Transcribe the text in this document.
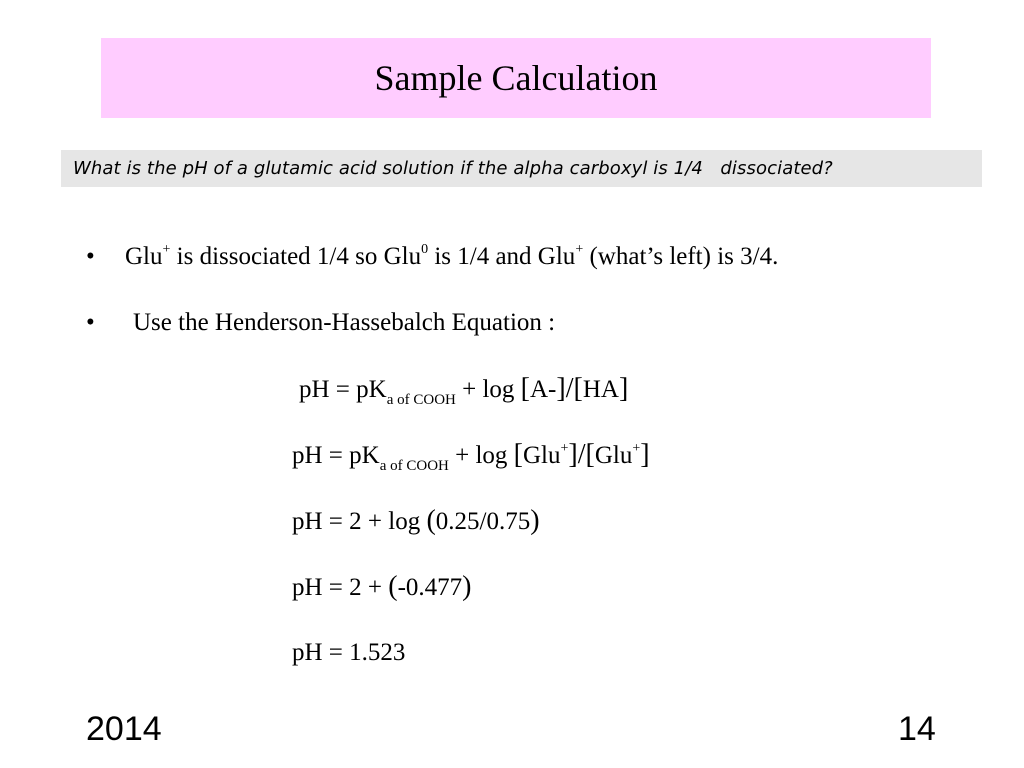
Sample Calculation
What is the pH of a glutamic acid solution if the alpha carboxyl is 1/4   dissociated?
• Glu+ is dissociated 1/4 so Glu$^0$ is 1/4 and Glu+ (what’s left) is 3/4.
• Use the Henderson-Hassebalch Equation :
pH = $pK_{a of COOH} + \log [A-]/[HA]$
pH = $pK_{a of COOH} + \log [Glu^+]/[Glu^+]$
pH = 2 + log (0.25/0.75)
pH = 2 + (-0.477)
pH = 1.523
2014	14
